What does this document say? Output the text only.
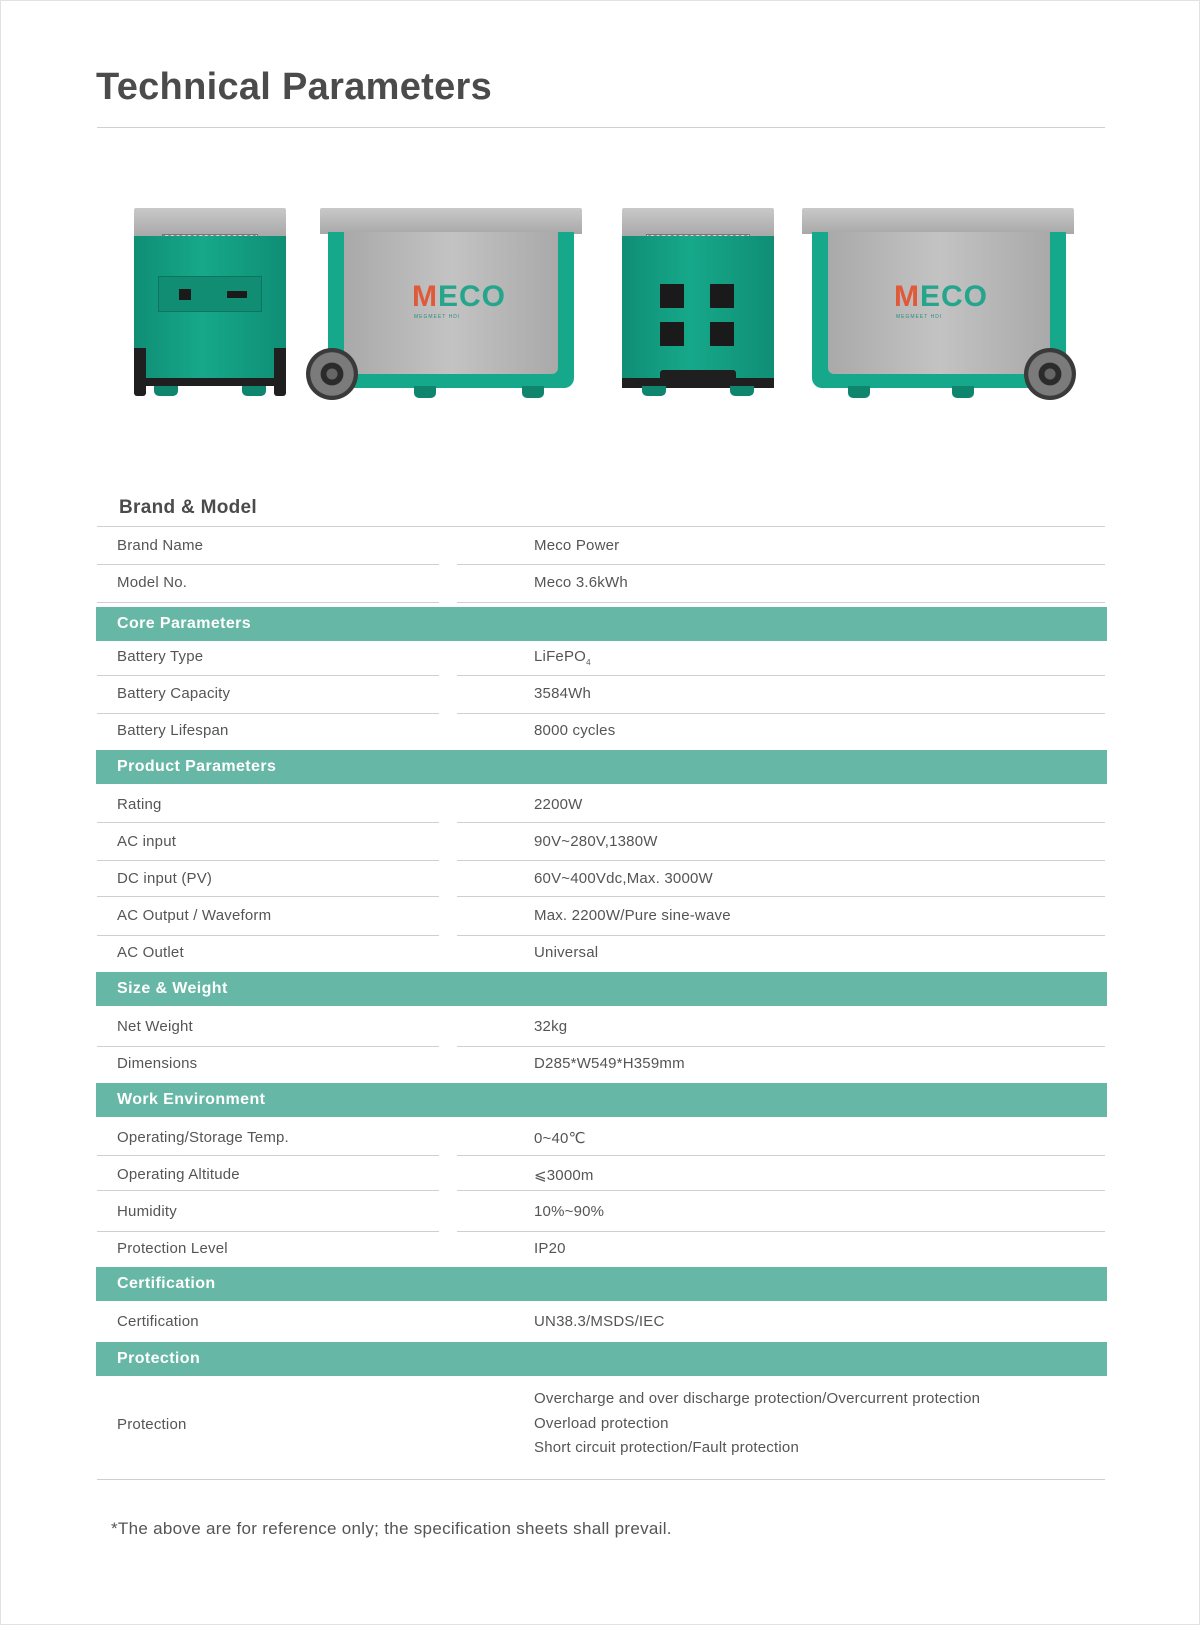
Technical Parameters
MECO
MEGMEET HDI
MECO
MEGMEET HDI
Brand & Model
Brand Name	Meco Power
Model No.	Meco 3.6kWh
Core Parameters
Battery Type	LiFePO$_4$
Battery Capacity	3584Wh
Battery Lifespan	8000 cycles
Product Parameters
Rating	2200W
AC input	90V~280V,1380W
DC input (PV)	60V~400Vdc,Max. 3000W
AC Output / Waveform	Max. 2200W/Pure sine-wave
AC Outlet	Universal
Size & Weight
Net Weight	32kg
Dimensions	D285*W549*H359mm
Work Environment
Operating/Storage Temp.	0~40℃
Operating Altitude	⩽3000m
Humidity	10%~90%
Protection Level	IP20
Certification
Certification	UN38.3/MSDS/IEC
Protection
Protection
Overcharge and over discharge protection/Overcurrent protection
Overload protection
Short circuit protection/Fault protection
*The above are for reference only; the specification sheets shall prevail.
